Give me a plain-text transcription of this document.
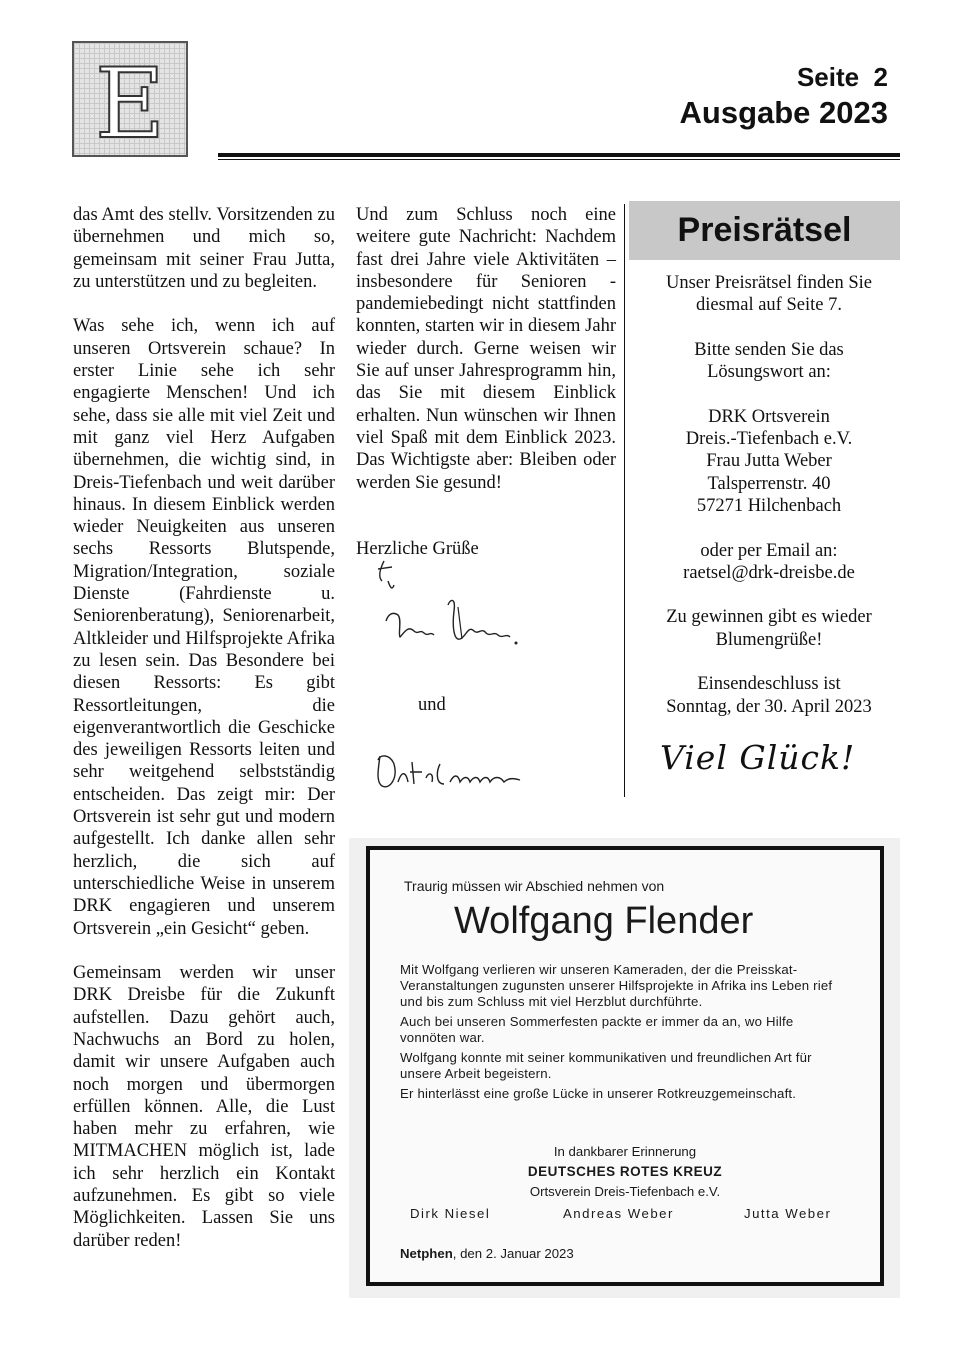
E	Seite  2
Ausgabe 2023

das Amt des stellv. Vorsitzenden zu übernehmen und mich so, gemeinsam mit seiner Frau Jutta, zu unterstützen und zu begleiten.

Was sehe ich, wenn ich auf unseren Ortsverein schaue? In erster Linie sehe ich sehr engagierte Menschen! Und ich sehe, dass sie alle mit viel Zeit und mit ganz viel Herz Aufgaben übernehmen, die wichtig sind, in Dreis-Tiefenbach und weit darüber hinaus. In diesem Einblick werden wieder Neuigkeiten aus unseren sechs Ressorts Blutspende, Migration/Integration, soziale Dienste (Fahrdienste u. Seniorenberatung), Seniorenarbeit, Altkleider und Hilfsprojekte Afrika zu lesen sein. Das Besondere bei diesen Ressorts: Es gibt Ressortleitungen, die eigenverantwortlich die Geschicke des jeweiligen Ressorts leiten und sehr weitgehend selbstständig entscheiden. Das zeigt mir: Der Ortsverein ist sehr gut und modern aufgestellt. Ich danke allen sehr herzlich, die sich auf unterschiedliche Weise in unserem DRK engagieren und unserem Ortsverein „ein Gesicht“ geben.

Gemeinsam werden wir unser DRK Dreisbe für die Zukunft aufstellen. Dazu gehört auch, Nachwuchs an Bord zu holen, damit wir unsere Aufgaben auch noch morgen und übermorgen erfüllen können. Alle, die Lust haben mehr zu erfahren, wie MITMACHEN möglich ist, lade ich sehr herzlich ein Kontakt aufzunehmen. Es gibt so viele Möglichkeiten. Lassen Sie uns darüber reden!

Und zum Schluss noch eine weitere gute Nachricht: Nachdem fast drei Jahre viele Aktivitäten – insbesondere für Senioren - pandemiebedingt nicht stattfinden konnten, starten wir in diesem Jahr wieder durch. Gerne weisen wir Sie auf unser Jahresprogramm hin, das Sie mit diesem Einblick erhalten. Nun wünschen wir Ihnen viel Spaß mit dem Einblick 2023. Das Wichtigste aber: Bleiben oder werden Sie gesund!

Herzliche Grüße
und
Preisrätsel

Unser Preisrätsel finden Sie
diesmal auf Seite 7.

Bitte senden Sie das
Lösungswort an:

DRK Ortsverein
Dreis.-Tiefenbach e.V.
Frau Jutta Weber
Talsperrenstr. 40
57271 Hilchenbach

oder per Email an:
raetsel@drk-dreisbe.de

Zu gewinnen gibt es wieder
Blumengrüße!

Einsendeschluss ist
Sonntag, der 30. April 2023

Viel Glück!
Traurig müssen wir Abschied nehmen von
Wolfgang Flender

Mit Wolfgang verlieren wir unseren Kameraden, der die Preisskat-Veranstaltungen zugunsten unserer Hilfsprojekte in Afrika ins Leben rief und bis zum Schluss mit viel Herzblut durchführte.

Auch bei unseren Sommerfesten packte er immer da an, wo Hilfe vonnöten war.

Wolfgang konnte mit seiner kommunikativen und freundlichen Art für unsere Arbeit begeistern.

Er hinterlässt eine große Lücke in unserer Rotkreuzgemeinschaft.

In dankbarer Erinnerung
DEUTSCHES ROTES KREUZ
Ortsverein Dreis-Tiefenbach e.V.
Dirk Niesel	Andreas Weber	Jutta Weber
Netphen, den 2. Januar 2023
